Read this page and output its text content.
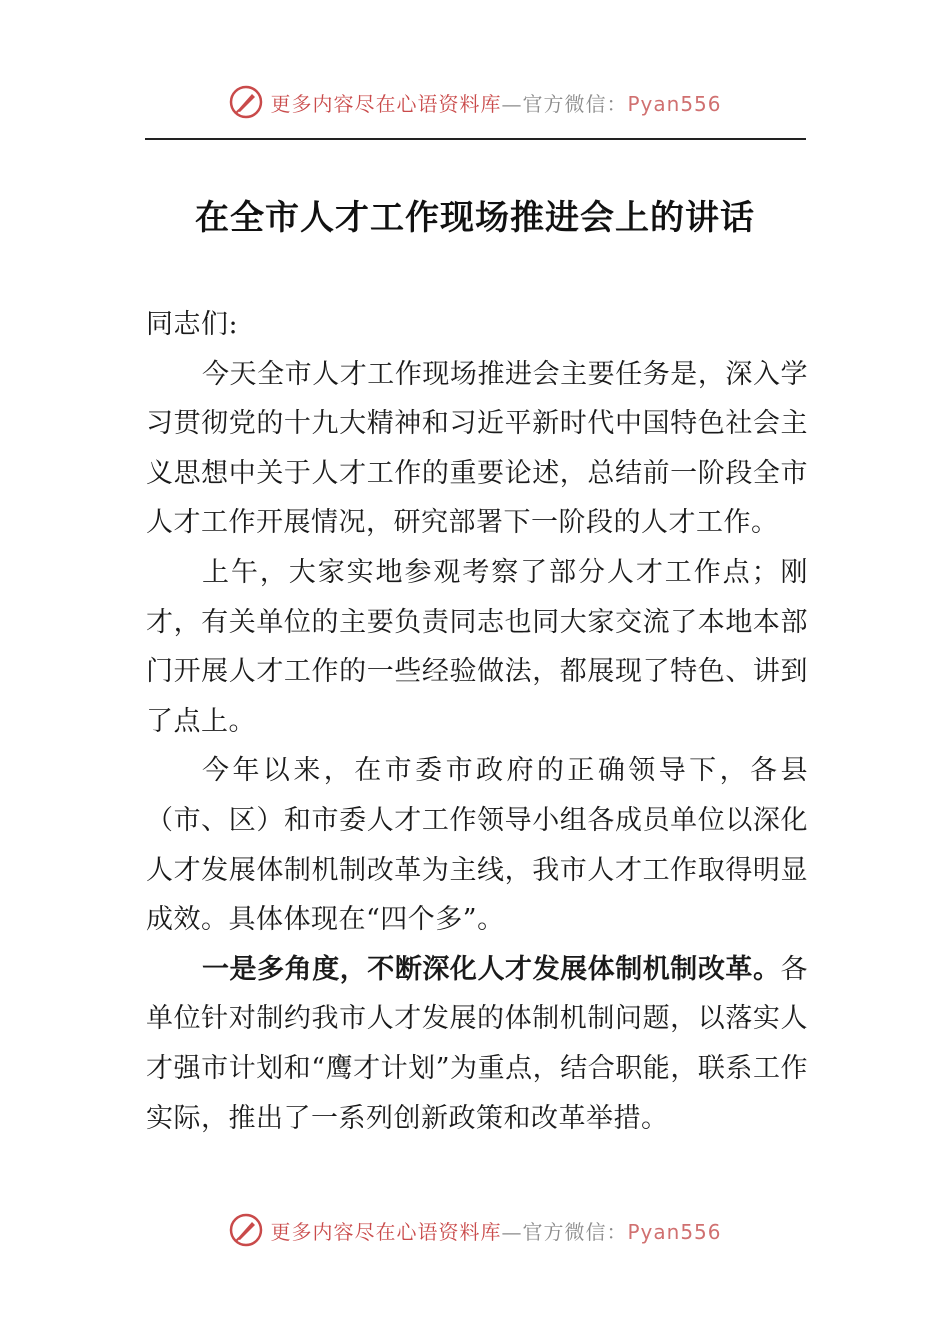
更多内容尽在心语资料库—官方微信：Pyan556
在全市人才工作现场推进会上的讲话

同志们:

今天全市人才工作现场推进会主要任务是，深入学习贯彻党的十九大精神和习近平新时代中国特色社会主义思想中关于人才工作的重要论述，总结前一阶段全市人才工作开展情况，研究部署下一阶段的人才工作。

上午，大家实地参观考察了部分人才工作点；刚才，有关单位的主要负责同志也同大家交流了本地本部门开展人才工作的一些经验做法，都展现了特色、讲到了点上。

今年以来，在市委市政府的正确领导下，各县（市、区）和市委人才工作领导小组各成员单位以深化人才发展体制机制改革为主线，我市人才工作取得明显成效。具体体现在“四个多”。

一是多角度，不断深化人才发展体制机制改革。各单位针对制约我市人才发展的体制机制问题，以落实人才强市计划和“鹰才计划”为重点，结合职能，联系工作实际，推出了一系列创新政策和改革举措。

更多内容尽在心语资料库—官方微信：Pyan556
